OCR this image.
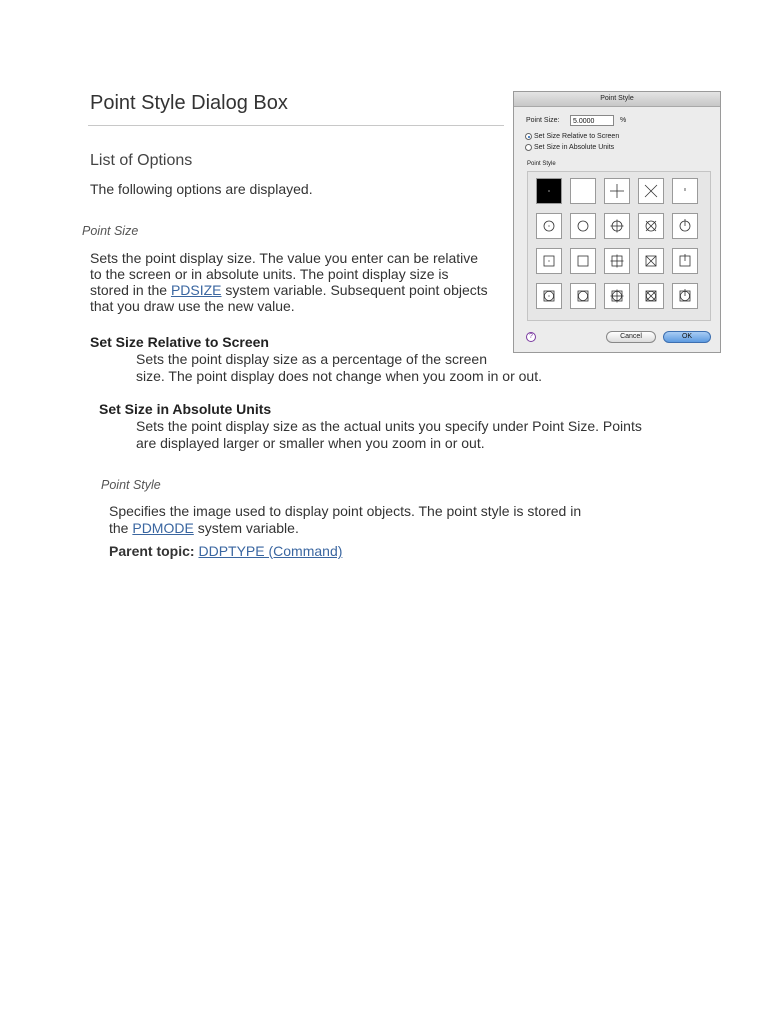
Point Style Dialog Box
List of Options

The following options are displayed.

Point Size

Sets the point display size. The value you enter can be relative

to the screen or in absolute units. The point display size is

stored in the PDSIZE system variable. Subsequent point objects

that you draw use the new value.

Set Size Relative to Screen

Sets the point display size as a percentage of the screen

size. The point display does not change when you zoom in or out.

Set Size in Absolute Units

Sets the point display size as the actual units you specify under Point Size. Points

are displayed larger or smaller when you zoom in or out.

Point Style

Specifies the image used to display point objects. The point style is stored in

the PDMODE system variable.

Parent topic: DDPTYPE (Command)

Point Style
Point Size:	5.0000	%
Set Size Relative to Screen
Set Size in Absolute Units
Point Style
?	Cancel	OK
